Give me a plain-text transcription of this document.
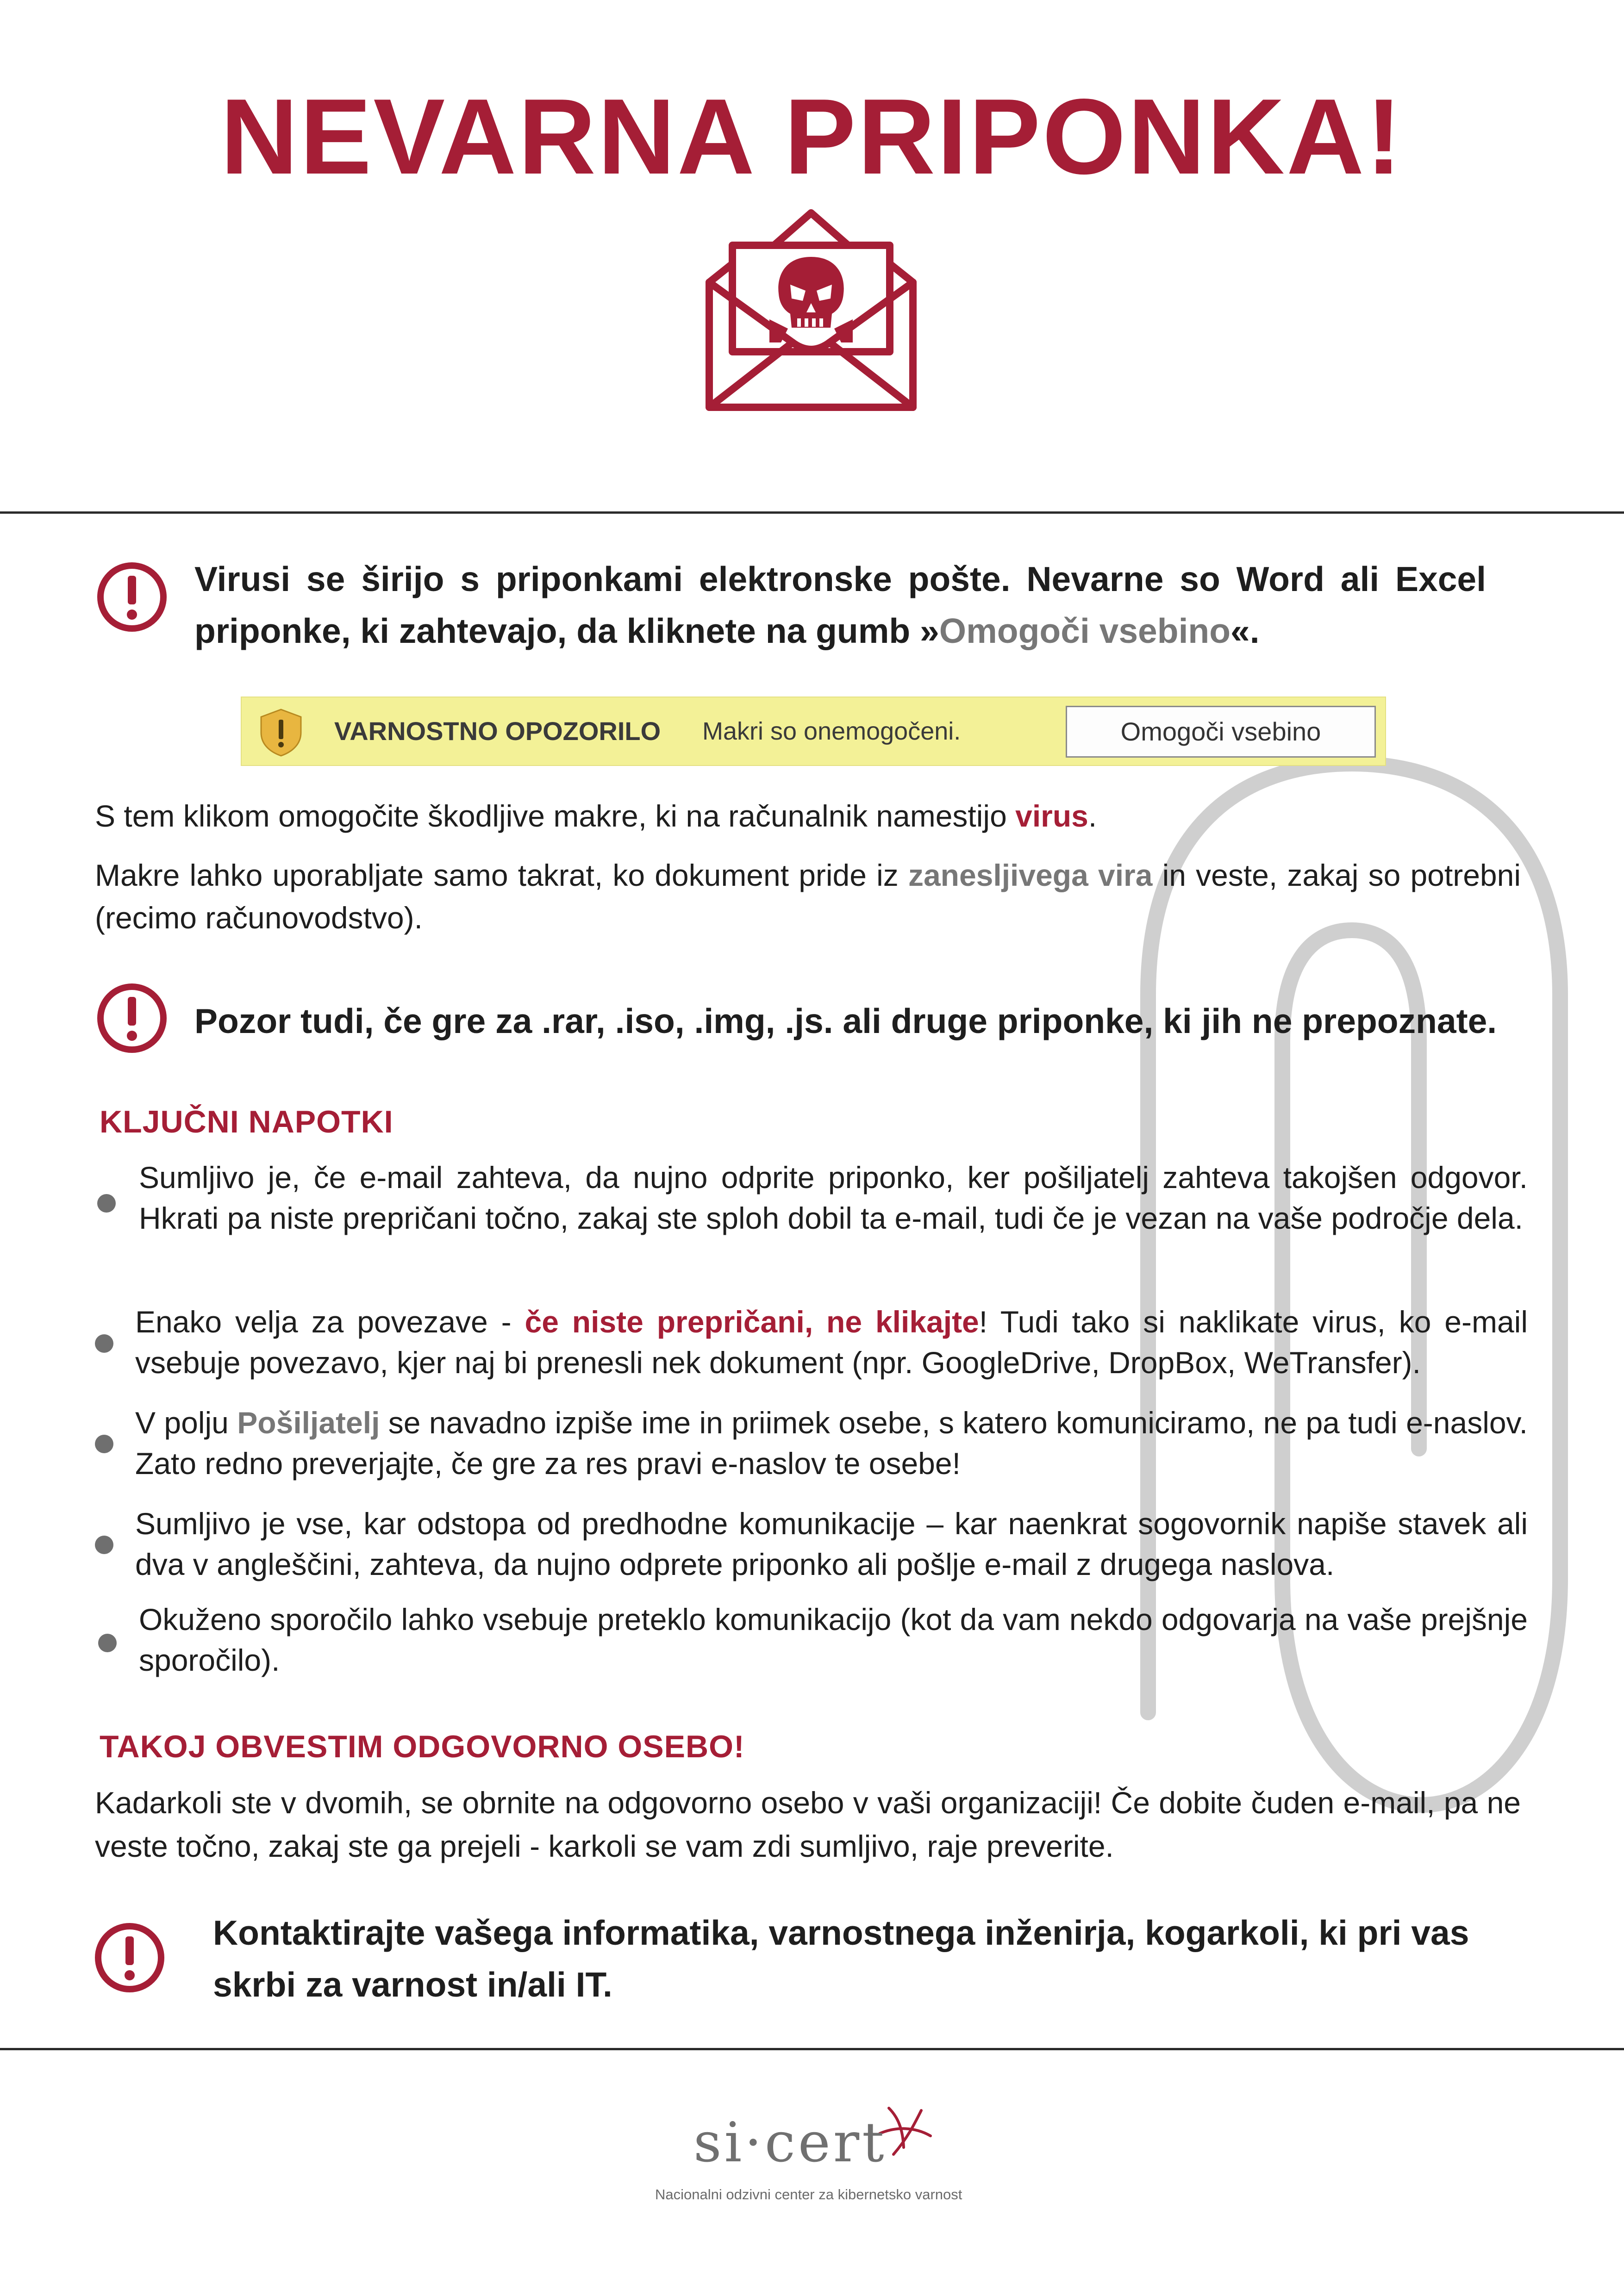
NEVARNA PRIPONKA!
Virusi se širijo s priponkami elektronske pošte. Nevarne so Word ali Excel priponke, ki zahtevajo, da kliknete na gumb »Omogoči vsebino«.
VARNOSTNO OPOZORILO Makri so onemogočeni.	Omogoči vsebino
S tem klikom omogočite škodljive makre, ki na računalnik namestijo virus.
Makre lahko uporabljate samo takrat, ko dokument pride iz zanesljivega vira in veste, zakaj so potrebni (recimo računovodstvo).
Pozor tudi, če gre za .rar, .iso, .img, .js. ali druge priponke, ki jih ne prepoznate.
KLJUČNI NAPOTKI
Sumljivo je, če e-mail zahteva, da nujno odprite priponko, ker pošiljatelj zahteva takojšen odgovor. Hkrati pa niste prepričani točno, zakaj ste sploh dobil ta e-mail, tudi če je vezan na vaše področje dela.
Enako velja za povezave - če niste prepričani, ne klikajte! Tudi tako si naklikate virus, ko e-mail vsebuje povezavo, kjer naj bi prenesli nek dokument (npr. GoogleDrive, DropBox, WeTransfer).
V polju Pošiljatelj se navadno izpiše ime in priimek osebe, s katero komuniciramo, ne pa tudi e-naslov. Zato redno preverjajte, če gre za res pravi e-naslov te osebe!
Sumljivo je vse, kar odstopa od predhodne komunikacije – kar naenkrat sogovornik napiše stavek ali dva v angleščini, zahteva, da nujno odprete priponko ali pošlje e-mail z drugega naslova.
Okuženo sporočilo lahko vsebuje preteklo komunikacijo (kot da vam nekdo odgovarja na vaše prejšnje sporočilo).
TAKOJ OBVESTIM ODGOVORNO OSEBO!
Kadarkoli ste v dvomih, se obrnite na odgovorno osebo v vaši organizaciji! Če dobite čuden e-mail, pa ne veste točno, zakaj ste ga prejeli - karkoli se vam zdi sumljivo, raje preverite.
Kontaktirajte vašega informatika, varnostnega inženirja, kogarkoli, ki pri vas skrbi za varnost in/ali IT.
si·cert
Nacionalni odzivni center za kibernetsko varnost
